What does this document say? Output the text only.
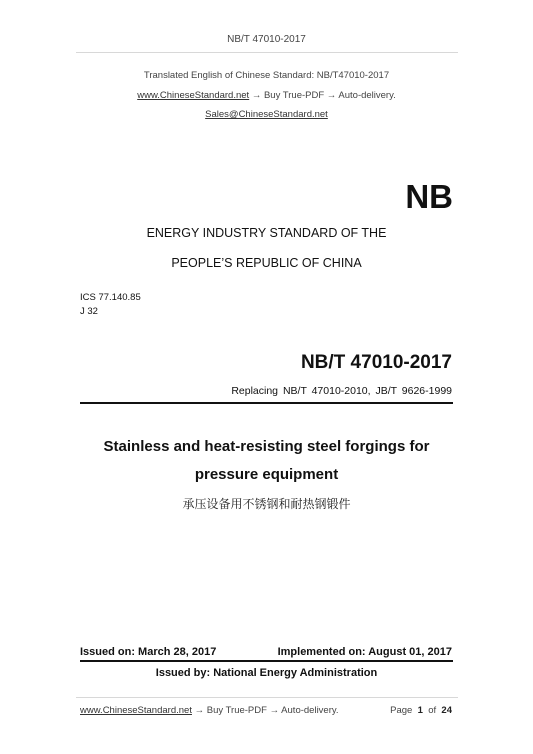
NB/T 47010-2017
Translated English of Chinese Standard: NB/T47010-2017
www.ChineseStandard.net → Buy True-PDF → Auto-delivery.
Sales@ChineseStandard.net
NB
ENERGY INDUSTRY STANDARD OF THE
PEOPLE’S REPUBLIC OF CHINA
ICS 77.140.85
J 32
NB/T 47010-2017
Replacing NB/T 47010-2010, JB/T 9626-1999
Stainless and heat-resisting steel forgings for
pressure equipment
承压设备用不锈钢和耐热钢锻件
Issued on: March 28, 2017	Implemented on: August 01, 2017
Issued by: National Energy Administration
www.ChineseStandard.net → Buy True-PDF → Auto-delivery.	Page 1 of 24
